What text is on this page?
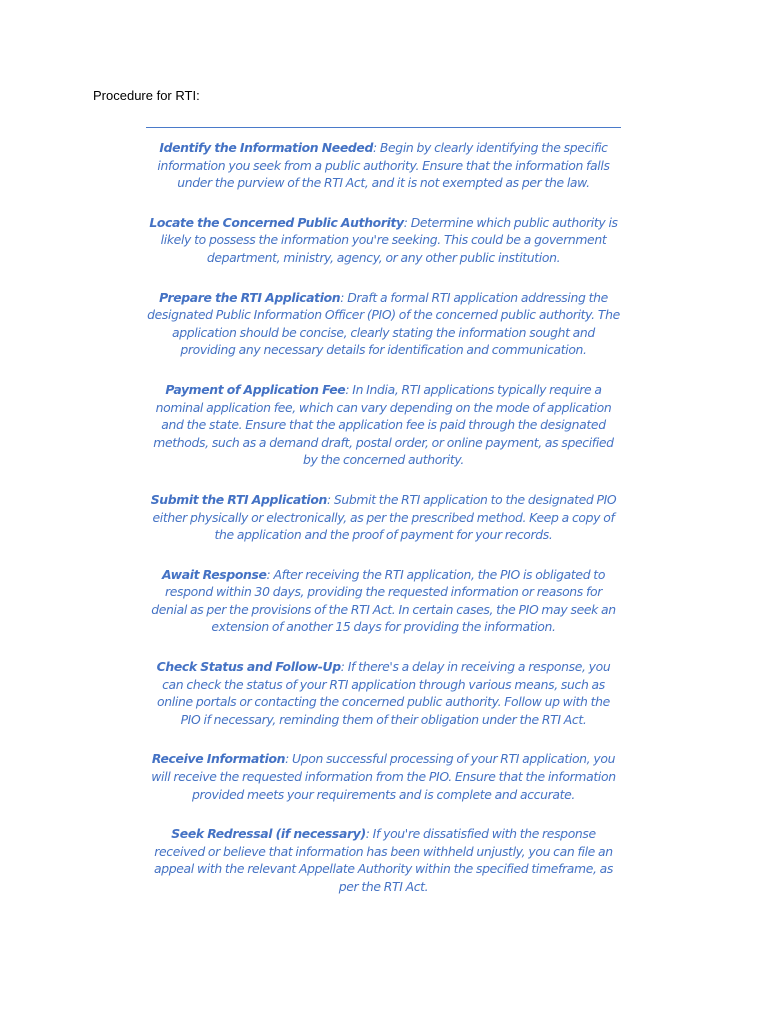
Procedure for RTI:

Identify the Information Needed: Begin by clearly identifying the specific information you seek from a public authority. Ensure that the information falls under the purview of the RTI Act, and it is not exempted as per the law.

Locate the Concerned Public Authority: Determine which public authority is likely to possess the information you're seeking. This could be a government department, ministry, agency, or any other public institution.

Prepare the RTI Application: Draft a formal RTI application addressing the designated Public Information Officer (PIO) of the concerned public authority. The application should be concise, clearly stating the information sought and providing any necessary details for identification and communication.

Payment of Application Fee: In India, RTI applications typically require a nominal application fee, which can vary depending on the mode of application and the state. Ensure that the application fee is paid through the designated methods, such as a demand draft, postal order, or online payment, as specified by the concerned authority.

Submit the RTI Application: Submit the RTI application to the designated PIO either physically or electronically, as per the prescribed method. Keep a copy of the application and the proof of payment for your records.

Await Response: After receiving the RTI application, the PIO is obligated to respond within 30 days, providing the requested information or reasons for denial as per the provisions of the RTI Act. In certain cases, the PIO may seek an extension of another 15 days for providing the information.

Check Status and Follow-Up: If there's a delay in receiving a response, you can check the status of your RTI application through various means, such as online portals or contacting the concerned public authority. Follow up with the PIO if necessary, reminding them of their obligation under the RTI Act.

Receive Information: Upon successful processing of your RTI application, you will receive the requested information from the PIO. Ensure that the information provided meets your requirements and is complete and accurate.

Seek Redressal (if necessary): If you're dissatisfied with the response received or believe that information has been withheld unjustly, you can file an appeal with the relevant Appellate Authority within the specified timeframe, as per the RTI Act.
